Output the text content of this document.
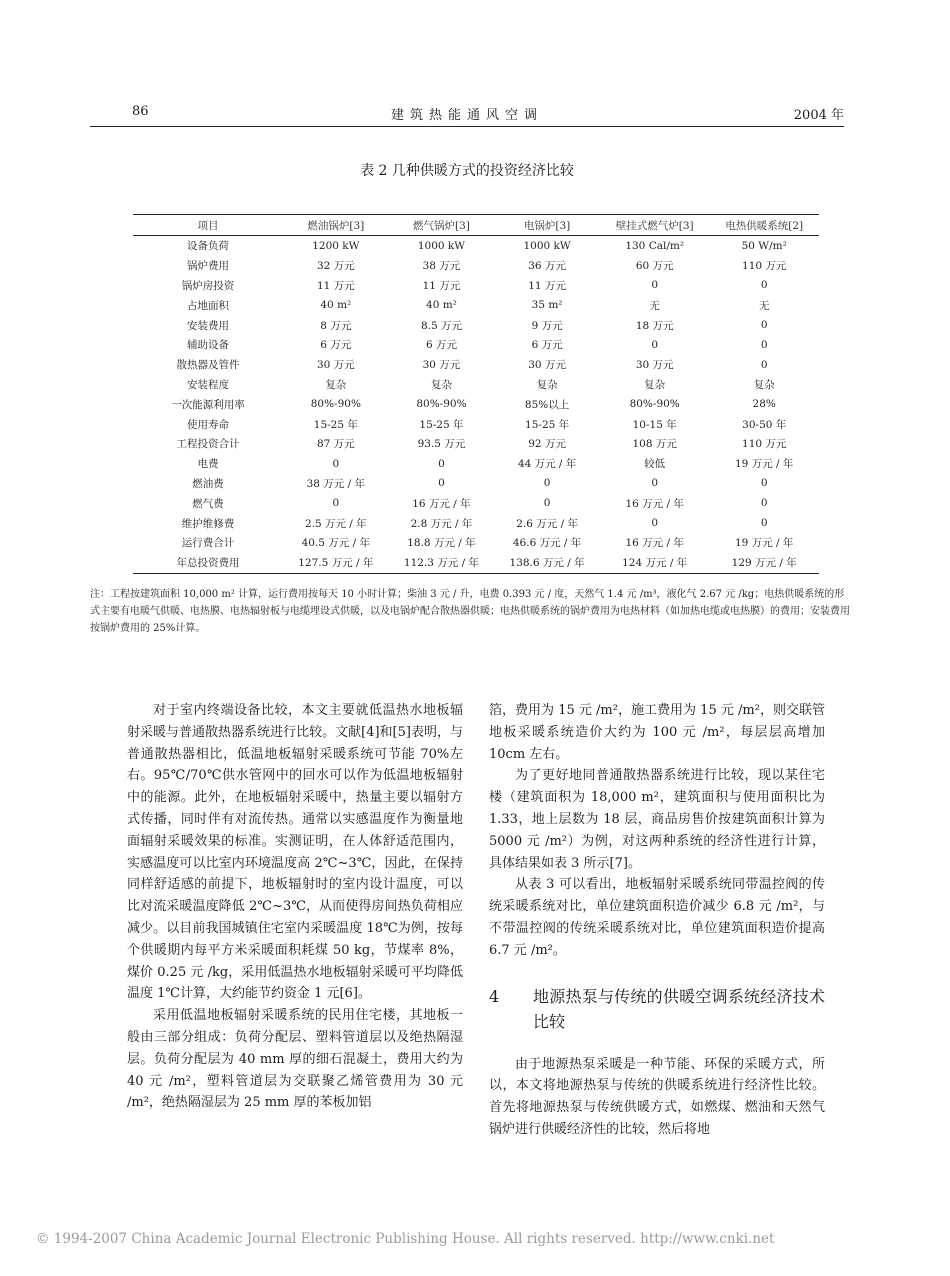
86	建筑热能通风空调	2004 年
表 2 几种供暖方式的投资经济比较
项目	燃油锅炉[3]	燃气锅炉[3]	电锅炉[3]	壁挂式燃气炉[3]	电热供暖系统[2]
设备负荷	1200 kW	1000 kW	1000 kW	130 Cal/m²	50 W/m²
锅炉费用	32 万元	38 万元	36 万元	60 万元	110 万元
锅炉房投资	11 万元	11 万元	11 万元	0	0
占地面积	40 m²	40 m²	35 m²	无	无
安装费用	8 万元	8.5 万元	9 万元	18 万元	0
辅助设备	6 万元	6 万元	6 万元	0	0
散热器及管件	30 万元	30 万元	30 万元	30 万元	0
安装程度	复杂	复杂	复杂	复杂	复杂
一次能源利用率	80%-90%	80%-90%	85%以上	80%-90%	28%
使用寿命	15-25 年	15-25 年	15-25 年	10-15 年	30-50 年
工程投资合计	87 万元	93.5 万元	92 万元	108 万元	110 万元
电费	0	0	44 万元 / 年	较低	19 万元 / 年
燃油费	38 万元 / 年	0	0	0	0
燃气费	0	16 万元 / 年	0	16 万元 / 年	0
维护维修费	2.5 万元 / 年	2.8 万元 / 年	2.6 万元 / 年	0	0
运行费合计	40.5 万元 / 年	18.8 万元 / 年	46.6 万元 / 年	16 万元 / 年	19 万元 / 年
年总投资费用	127.5 万元 / 年	112.3 万元 / 年	138.6 万元 / 年	124 万元 / 年	129 万元 / 年
注：工程按建筑面积 10,000 m² 计算，运行费用按每天 10 小时计算；柴油 3 元 / 升，电费 0.393 元 / 度，天然气 1.4 元 /m³，液化气 2.67 元 /kg；电热供暖系统的形式主要有电暖气供暖、电热膜、电热辐射板与电缆埋设式供暖，以及电锅炉配合散热器供暖；电热供暖系统的锅炉费用为电热材料（如加热电缆或电热膜）的费用；安装费用按锅炉费用的 25%计算。

对于室内终端设备比较，本文主要就低温热水地板辐射采暖与普通散热器系统进行比较。文献[4]和[5]表明，与普通散热器相比，低温地板辐射采暖系统可节能 70%左右。95℃/70℃供水管网中的回水可以作为低温地板辐射中的能源。此外，在地板辐射采暖中，热量主要以辐射方式传播，同时伴有对流传热。通常以实感温度作为衡量地面辐射采暖效果的标准。实测证明，在人体舒适范围内，实感温度可以比室内环境温度高 2℃~3℃，因此，在保持同样舒适感的前提下，地板辐射时的室内设计温度，可以比对流采暖温度降低 2℃~3℃，从而使得房间热负荷相应减少。以目前我国城镇住宅室内采暖温度 18℃为例，按每个供暖期内每平方米采暖面积耗煤 50 kg，节煤率 8%，煤价 0.25 元 /kg，采用低温热水地板辐射采暖可平均降低温度 1℃计算，大约能节约资金 1 元[6]。

采用低温地板辐射采暖系统的民用住宅楼，其地板一般由三部分组成：负荷分配层、塑料管道层以及绝热隔湿层。负荷分配层为 40 mm 厚的细石混凝土，费用大约为 40 元 /m²，塑料管道层为交联聚乙烯管费用为 30 元 /m²，绝热隔湿层为 25 mm 厚的苯板加铝

箔，费用为 15 元 /m²，施工费用为 15 元 /m²，则交联管地板采暖系统造价大约为 100 元 /m²，每层层高增加 10cm 左右。

为了更好地同普通散热器系统进行比较，现以某住宅楼（建筑面积为 18,000 m²，建筑面积与使用面积比为 1.33，地上层数为 18 层，商品房售价按建筑面积计算为 5000 元 /m²）为例，对这两种系统的经济性进行计算，具体结果如表 3 所示[7]。

从表 3 可以看出，地板辐射采暖系统同带温控阀的传统采暖系统对比，单位建筑面积造价减少 6.8 元 /m²，与不带温控阀的传统采暖系统对比，单位建筑面积造价提高 6.7 元 /m²。

4	地源热泵与传统的供暖空调系统经济技术比较

由于地源热泵采暖是一种节能、环保的采暖方式，所以，本文将地源热泵与传统的供暖系统进行经济性比较。首先将地源热泵与传统供暖方式，如燃煤、燃油和天然气锅炉进行供暖经济性的比较，然后将地

© 1994-2007 China Academic Journal Electronic Publishing House. All rights reserved. http://www.cnki.net
